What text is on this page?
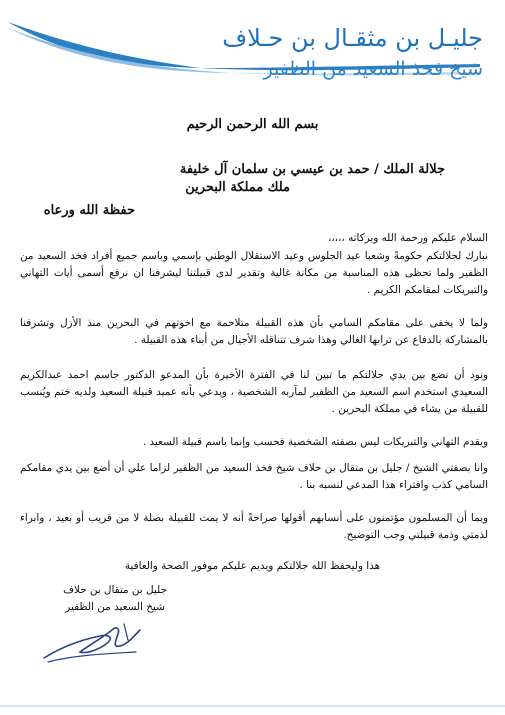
جليـل بن مثقـال بن حـلاف
شيخ فخذ السعيد من الظفير
بسم الله الرحمن الرحيم
جلالة الملك / حمد بن عيسي بن سلمان آل خليفة
ملك مملكة البحرين
حفظة الله ورعاه

السلام عليكم ورحمة الله وبركاته ،،،،،

نبارك لجلالتكم حكومةً وشعبا عيد الجلوس وعيد الاستقلال الوطني بإسمي وباسم جميع أفراد فخد السعيد من الظفير ولما تحظى هذه المناسبة من مكانة غالية وتقدير لدى قبيلتنا ليشرفنا ان نرفع أسمى أيات التهاني والتبريكات لمقامكم الكريم .

ولما لا يخفى على مقامكم السامي بأن هذه القبيلة متلاحمة مع اخوتهم في البحرين منذ الأزل وتشرفنا بالمشاركة بالدفاع عن ترابها الغالي وهذا شرف تتناقله الأجيال من أبناء هذه القبيلة .

ونود أن نضع بين يدي جلالتكم ما تبين لنا في الفترة الأخيرة بأن المدعو الدكتور جاسم احمد عبدالكريم السعيدي استخدم اسم السعيد من الظفير لمآربه الشخصية ، ويدعي بأنه عميد قبيلة السعيد ولديه ختم ويُنسب للقبيلة من يشاء في مملكة البحرين .

ويقدم التهاني والتبريكات ليس بصفته الشخصية فحسب وإنما باسم قبيلة السعيد .

وانا بصفتي الشيخ / جليل بن متقال بن حلاف شيخ فخذ السعيد من الظفير لزاما علي أن أضع بين يدي مقامكم السامي كذب وافتراء هذا المدعي لنسبه بنا .

وبما أن المسلمون مؤتمنون على أنسابهم أقولها صراحةً أنه لا يمت للقبيلة بصلة لا من قريب أو بعيد ، وابراء لذمتي وذمة قبيلتي وجب التوضيح.

هذا وليحفظ الله جلالتكم ويديم عليكم موفور الصحة والعافية
جليل بن متقال بن حلاف
شيخ السعيد من الظفير
